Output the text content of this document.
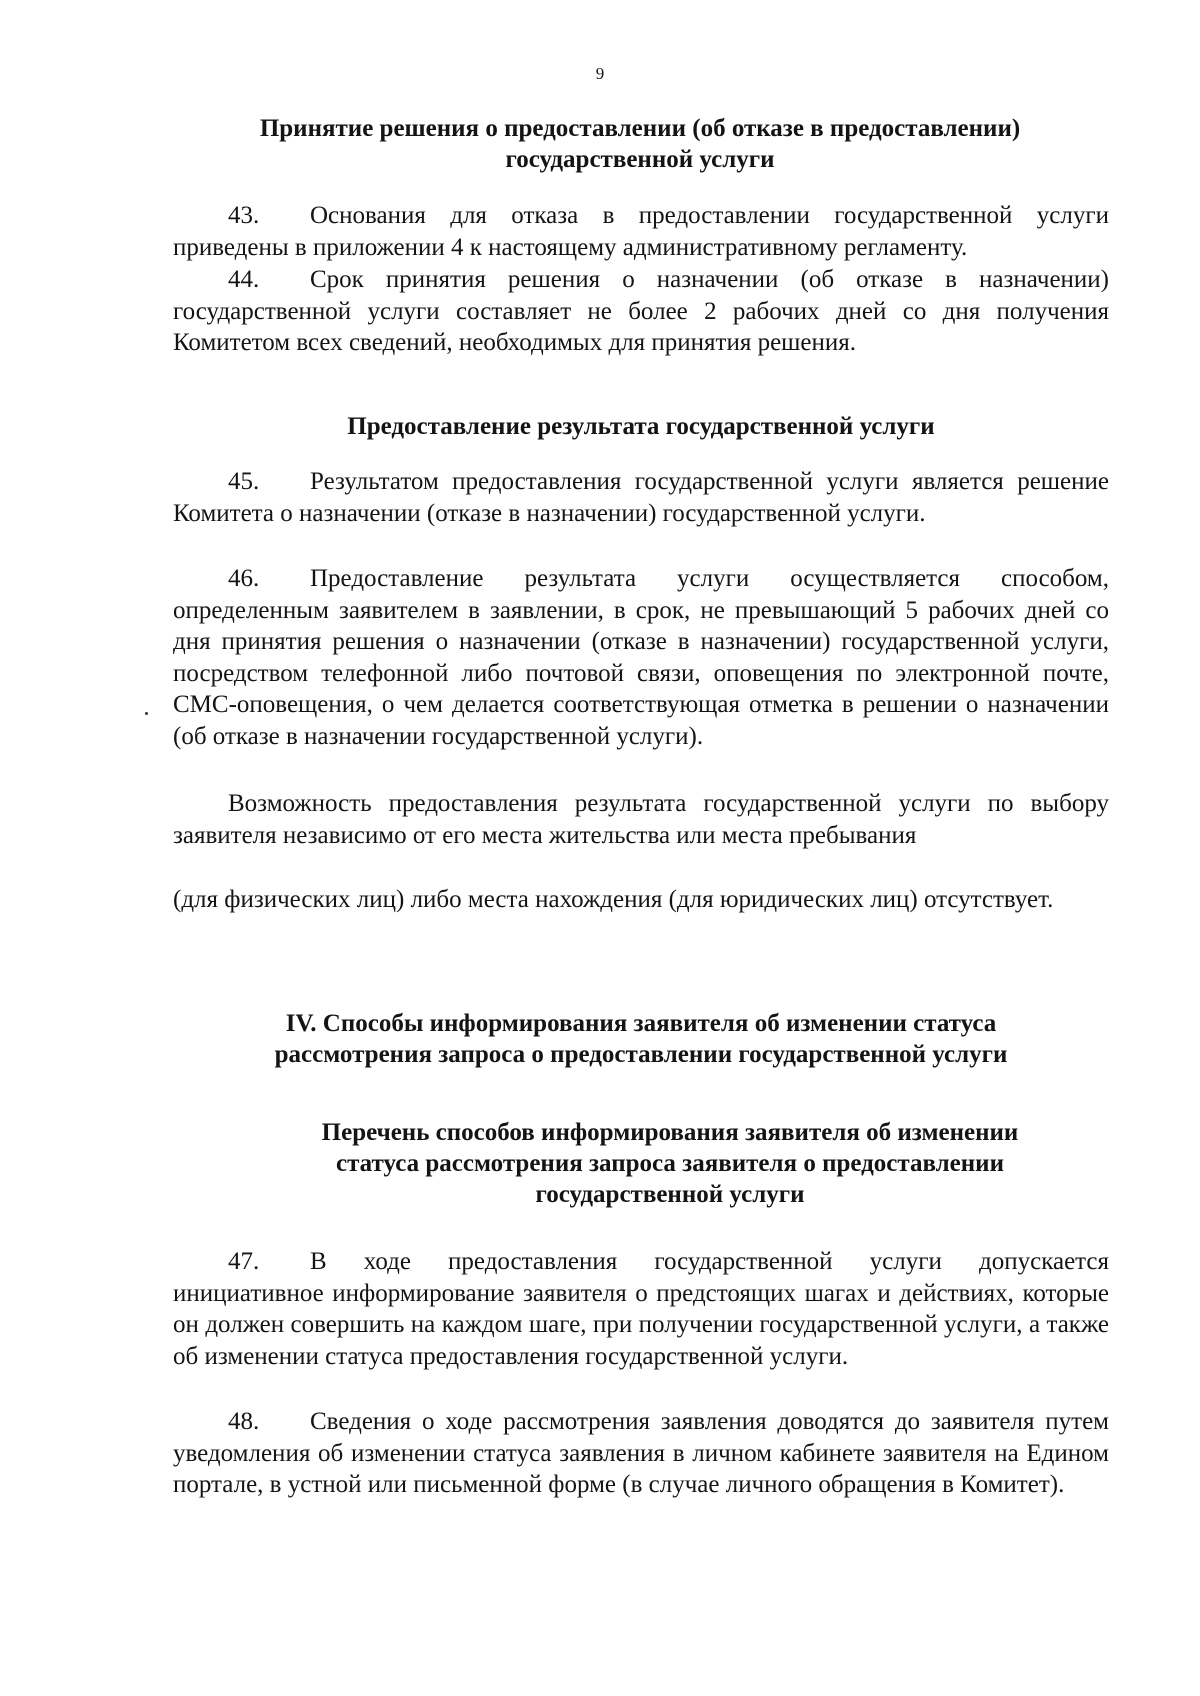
9
Принятие решения о предоставлении (об отказе в предоставлении) государственной услуги
43. Основания для отказа в предоставлении государственной услуги приведены в приложении 4 к настоящему административному регламенту.
44. Срок принятия решения о назначении (об отказе в назначении) государственной услуги составляет не более 2 рабочих дней со дня получения Комитетом всех сведений, необходимых для принятия решения.
Предоставление результата государственной услуги
45. Результатом предоставления государственной услуги является решение Комитета о назначении (отказе в назначении) государственной услуги.
46. Предоставление результата услуги осуществляется способом, определенным заявителем в заявлении, в срок, не превышающий 5 рабочих дней со дня принятия решения о назначении (отказе в назначении) государственной услуги, посредством телефонной либо почтовой связи, оповещения по электронной почте, СМС-оповещения, о чем делается соответствующая отметка в решении о назначении (об отказе в назначении государственной услуги).
Возможность предоставления результата государственной услуги по выбору заявителя независимо от его места жительства или места пребывания
(для физических лиц) либо места нахождения (для юридических лиц) отсутствует.
IV. Способы информирования заявителя об изменении статуса
рассмотрения запроса о предоставлении государственной услуги
Перечень способов информирования заявителя об изменении
статуса рассмотрения запроса заявителя о предоставлении
государственной услуги
47. В ходе предоставления государственной услуги допускается инициативное информирование заявителя о предстоящих шагах и действиях, которые он должен совершить на каждом шаге, при получении государственной услуги, а также об изменении статуса предоставления государственной услуги.
48. Сведения о ходе рассмотрения заявления доводятся до заявителя путем уведомления об изменении статуса заявления в личном кабинете заявителя на Едином портале, в устной или письменной форме (в случае личного обращения в Комитет).
